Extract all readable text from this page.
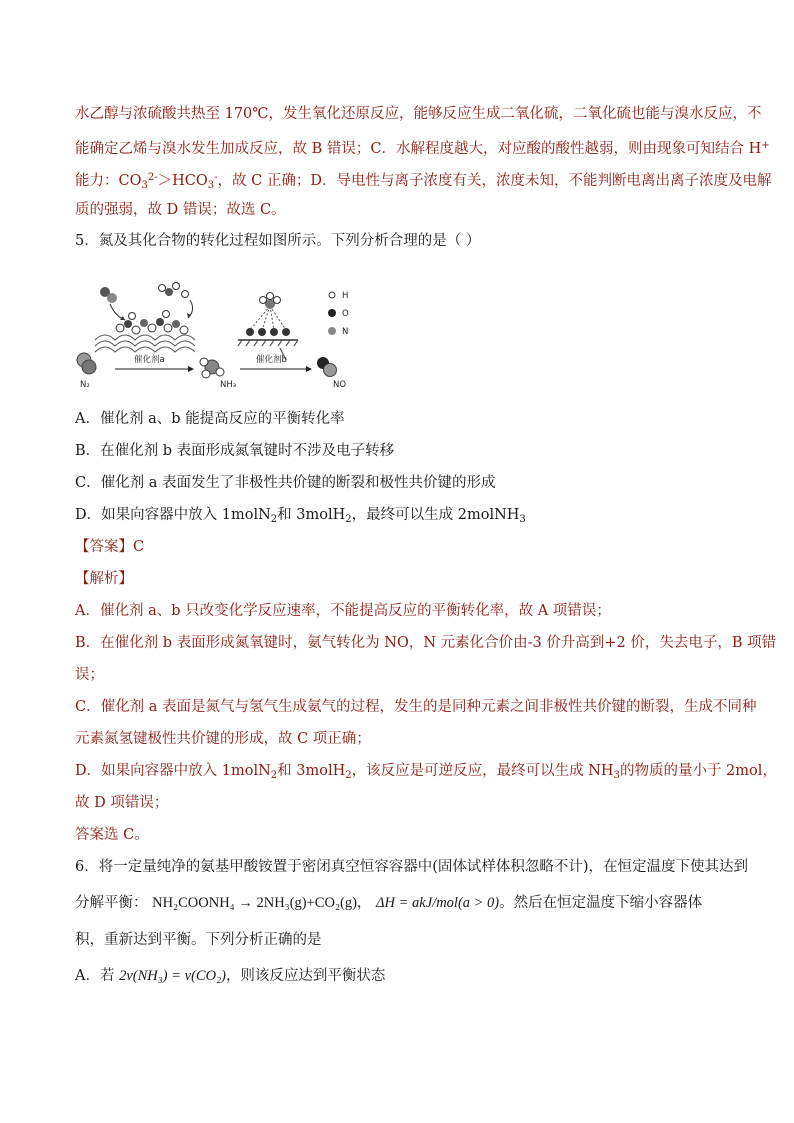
水乙醇与浓硫酸共热至 170℃，发生氧化还原反应，能够反应生成二氧化硫，二氧化硫也能与溴水反应，不
能确定乙烯与溴水发生加成反应，故 B 错误；C．水解程度越大，对应酸的酸性越弱，则由现象可知结合 H+
能力：$CO_3^{2-}>HCO_3^-$，故 C 正确；D．导电性与离子浓度有关，浓度未知，不能判断电离出离子浓度及电解
质的强弱，故 D 错误；故选 C。
5．氮及其化合物的转化过程如图所示。下列分析合理的是（ ）
H
O
N
N₂
催化剂a
NH₃
催化剂b
NO
A．催化剂 a、b 能提高反应的平衡转化率
B．在催化剂 b 表面形成氮氧键时不涉及电子转移
C．催化剂 a 表面发生了非极性共价键的断裂和极性共价键的形成
D．如果向容器中放入 1molN$_2$和 3molH$_2$，最终可以生成 2molNH$_3$
【答案】C
【解析】
A．催化剂 a、b 只改变化学反应速率，不能提高反应的平衡转化率，故 A 项错误；
B．在催化剂 b 表面形成氮氧键时，氨气转化为 NO，N 元素化合价由-3 价升高到+2 价，失去电子，B 项错
误；
C．催化剂 a 表面是氮气与氢气生成氨气的过程，发生的是同种元素之间非极性共价键的断裂，生成不同种
元素氮氢键极性共价键的形成，故 C 项正确；
D．如果向容器中放入 1molN$_2$和 3molH$_2$，该反应是可逆反应，最终可以生成 $NH_3$的物质的量小于 2mol，
故 D 项错误；
答案选 C。
6．将一定量纯净的氨基甲酸铵置于密闭真空恒容容器中(固体试样体积忽略不计)，在恒定温度下使其达到
分解平衡： NH₂COONH₄ → 2NH₃(g)+CO₂(g)， ΔH = akJ/mol(a > 0)。然后在恒定温度下缩小容器体
积，重新达到平衡。下列分析正确的是
A．若 2v(NH₃) = v(CO₂)，则该反应达到平衡状态
